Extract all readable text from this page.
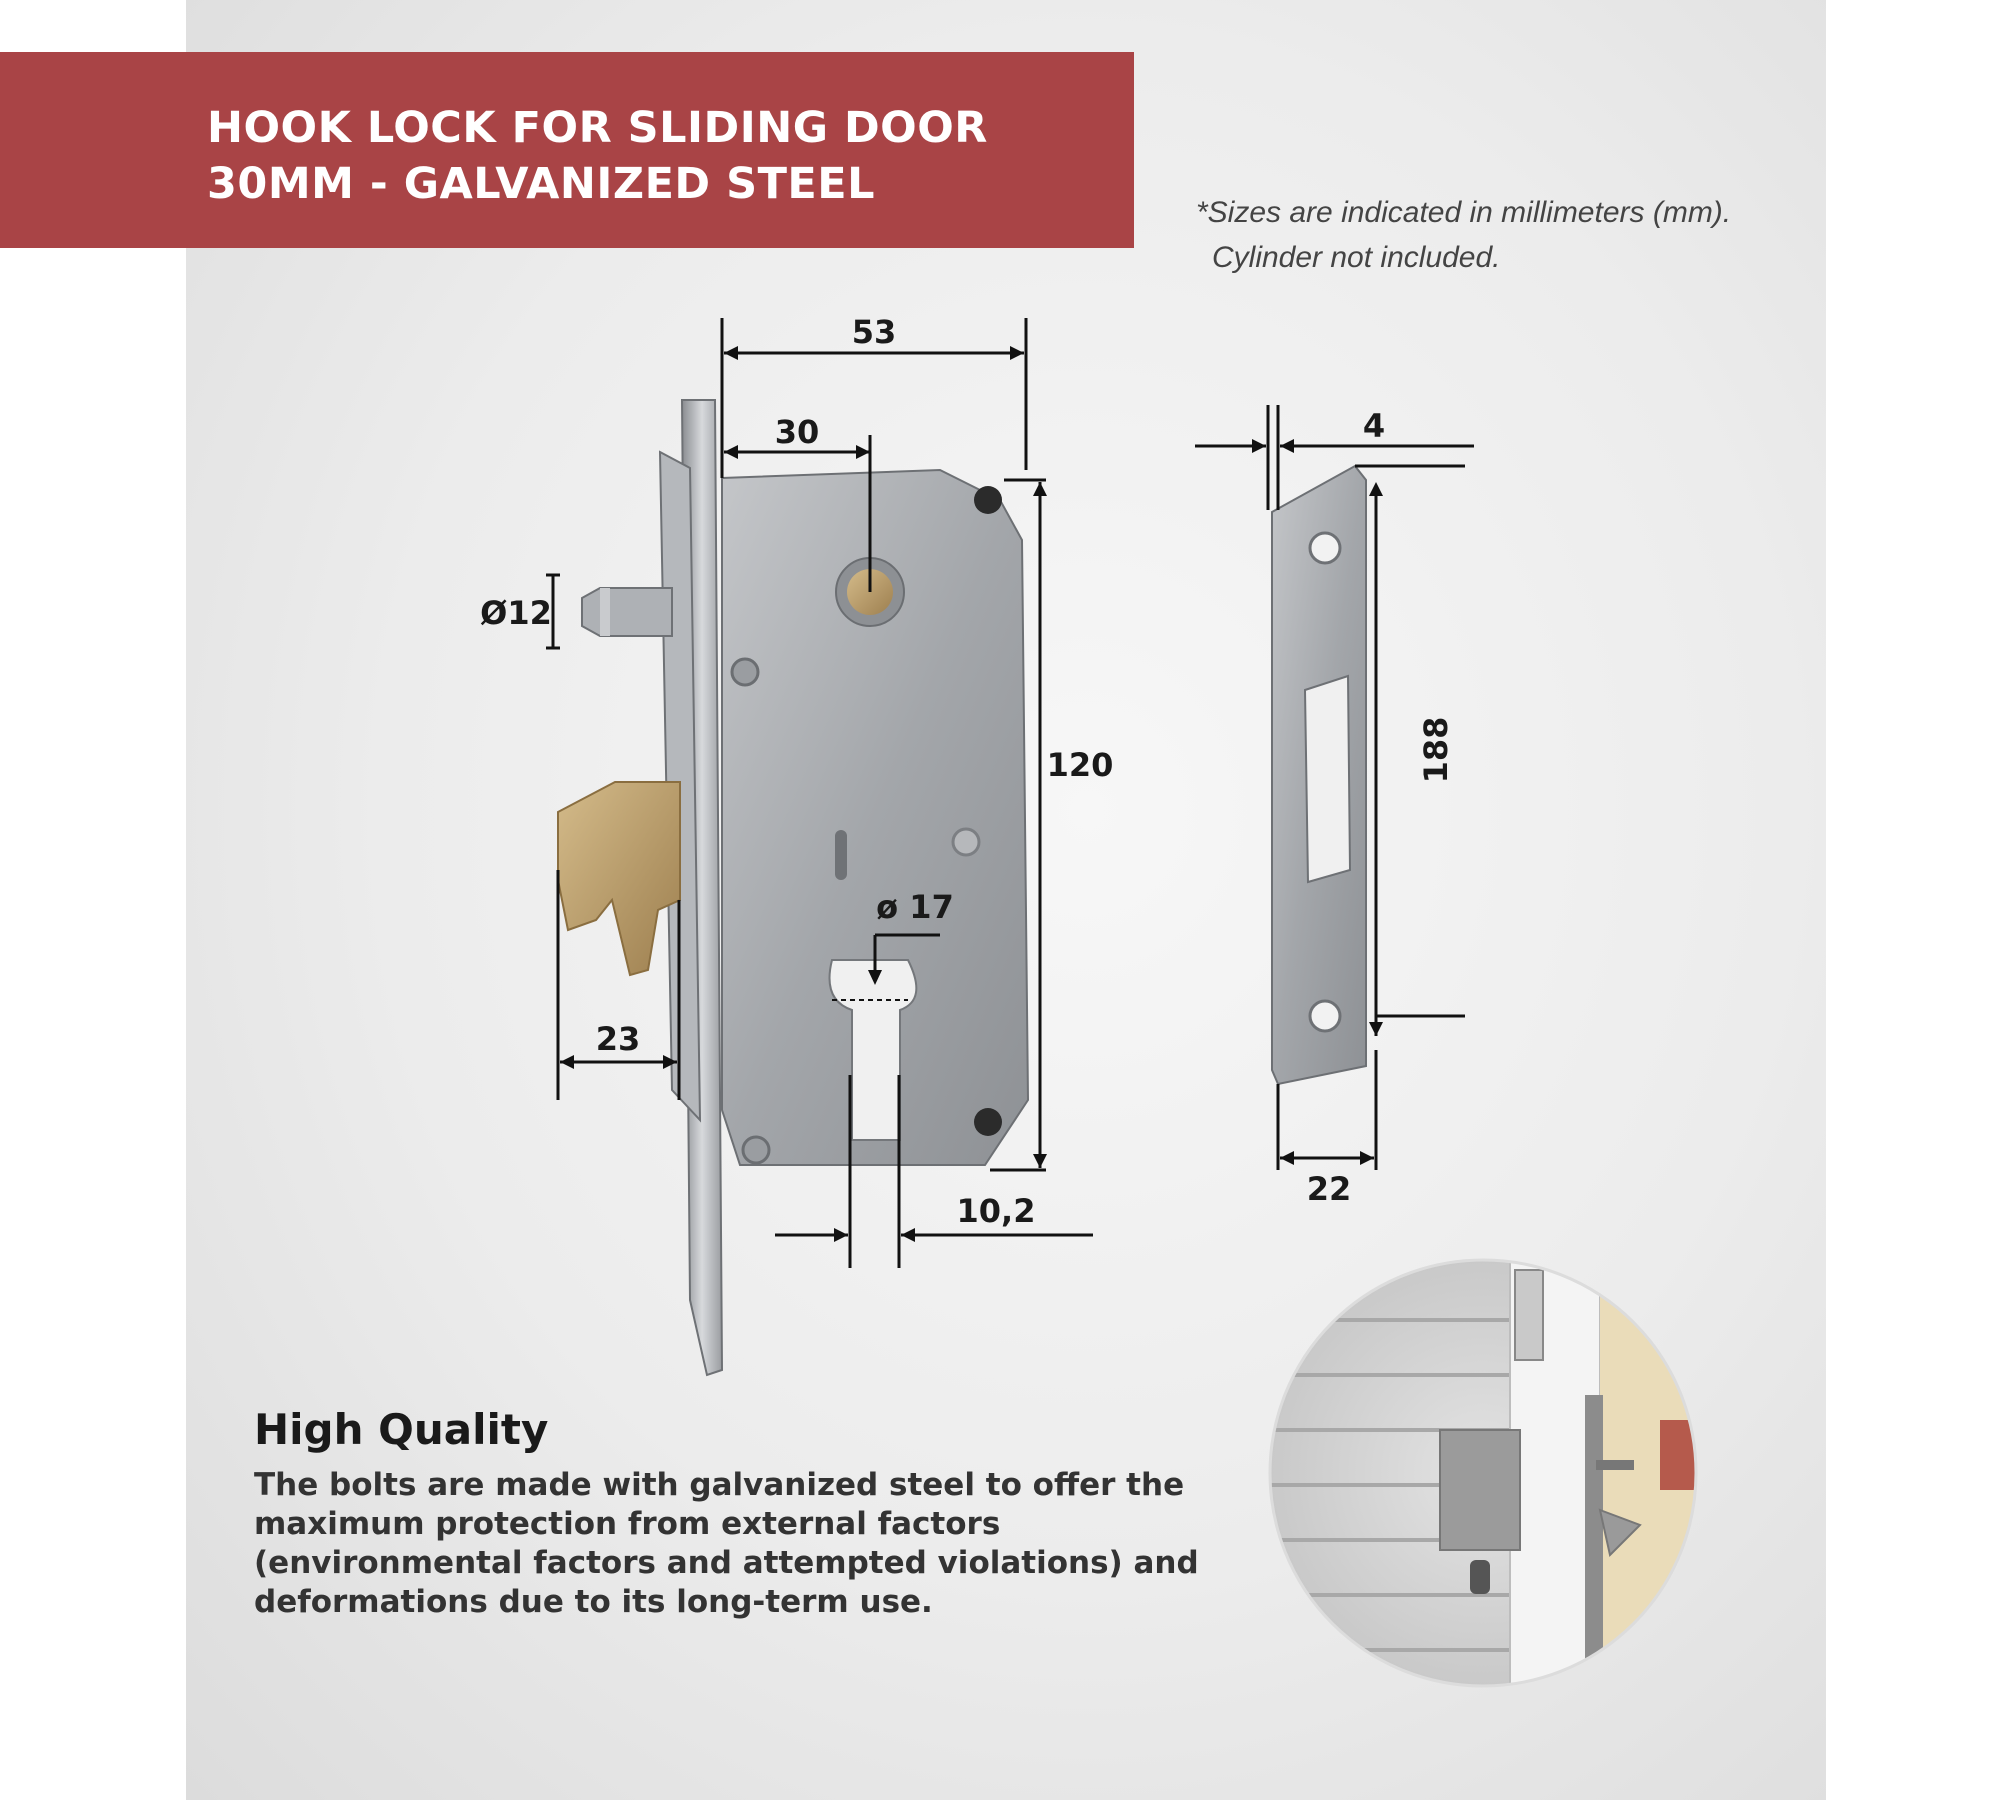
HOOK LOCK FOR SLIDING DOOR
30MM - GALVANIZED STEEL
*Sizes are indicated in millimeters (mm).
Cylinder not included.
53
30
Ø12
120
ø 17
23
10,2
4
188
22
High Quality
The bolts are made with galvanized steel to offer the
maximum protection from external factors
(environmental factors and attempted violations) and
deformations due to its long-term use.
